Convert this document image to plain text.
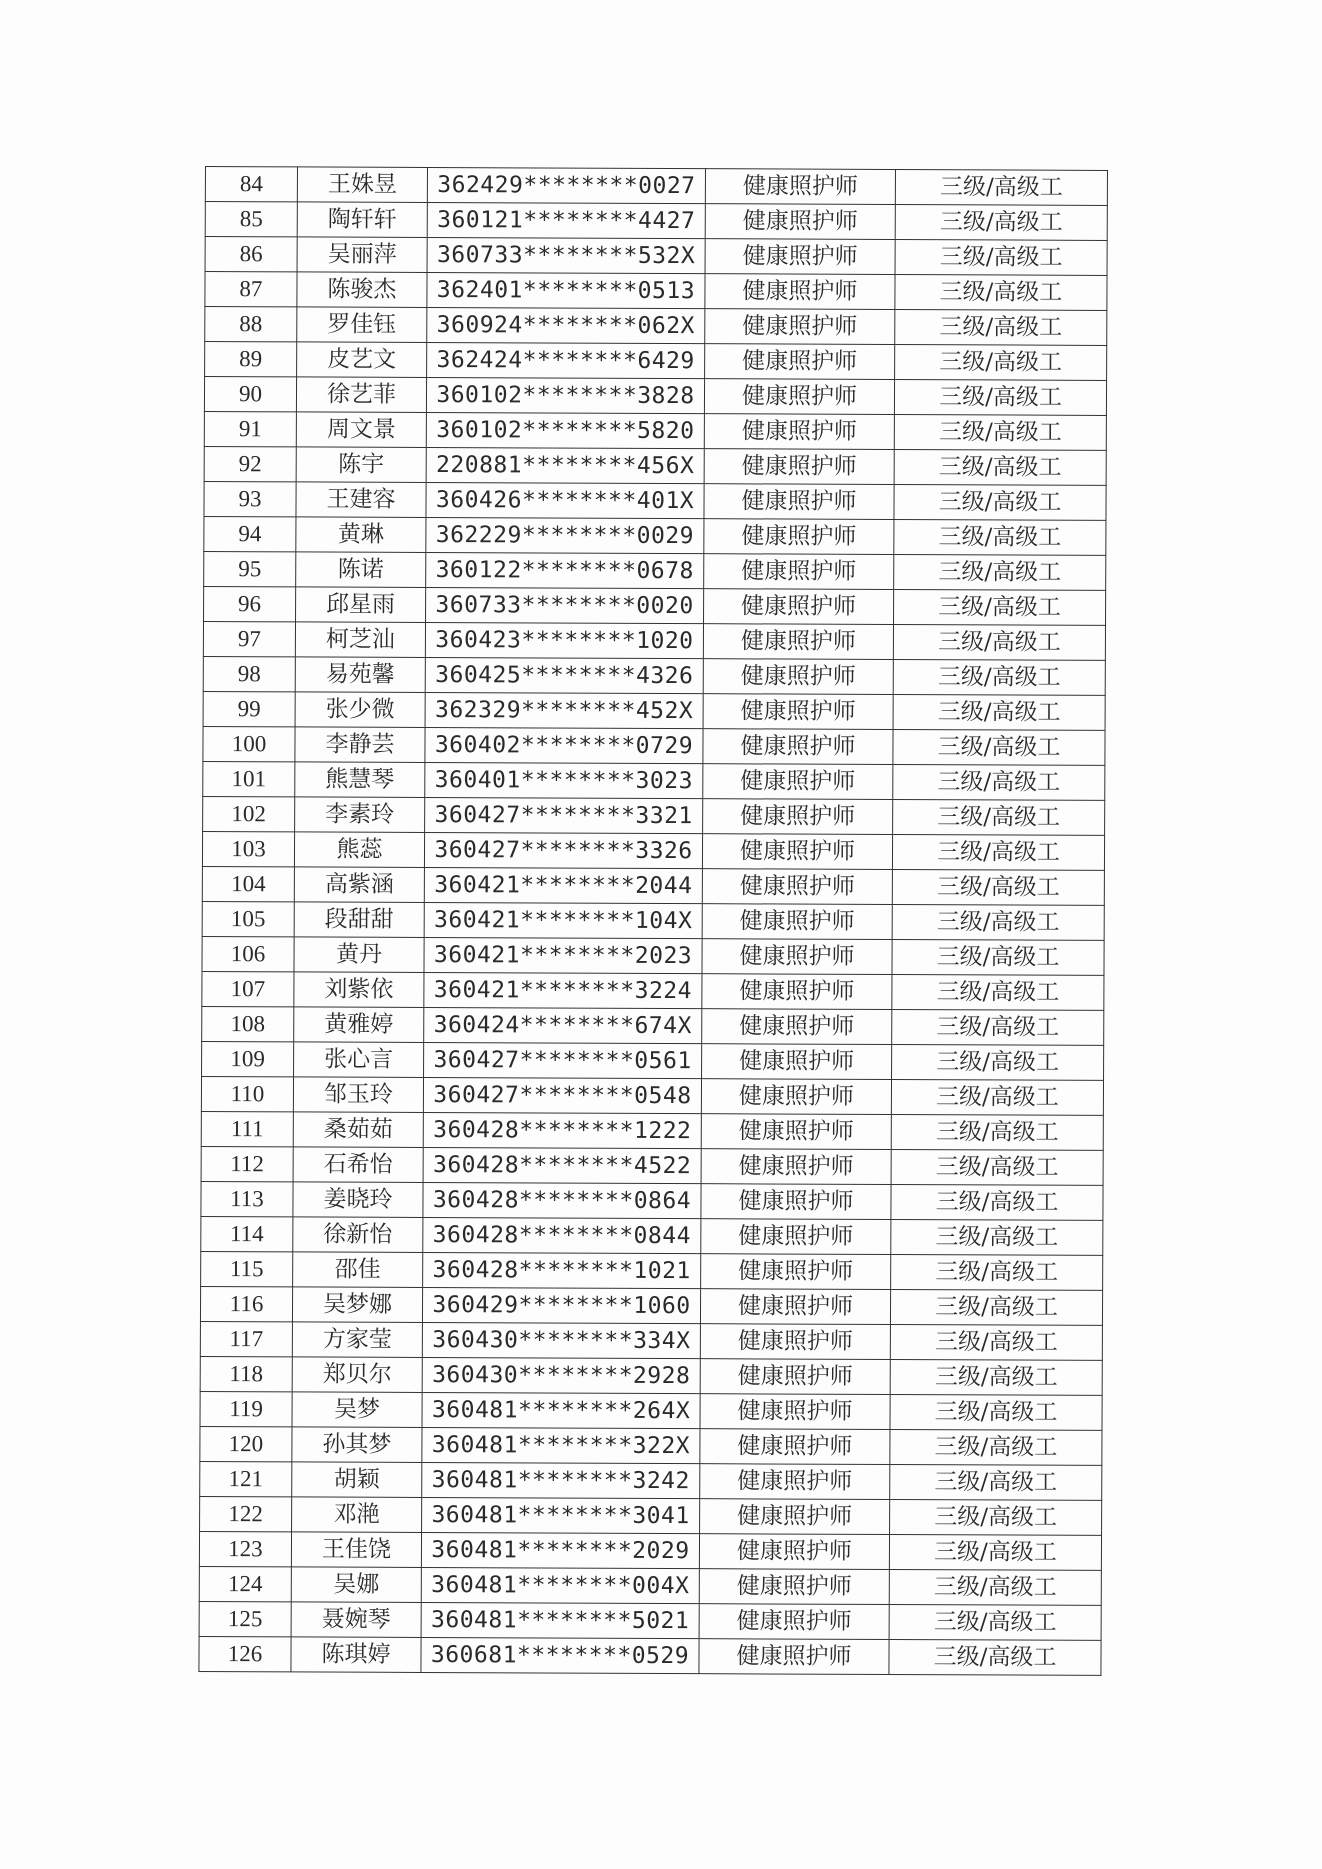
84	王姝昱	362429********0027	健康照护师	三级/高级工
85	陶轩轩	360121********4427	健康照护师	三级/高级工
86	吴丽萍	360733********532X	健康照护师	三级/高级工
87	陈骏杰	362401********0513	健康照护师	三级/高级工
88	罗佳钰	360924********062X	健康照护师	三级/高级工
89	皮艺文	362424********6429	健康照护师	三级/高级工
90	徐艺菲	360102********3828	健康照护师	三级/高级工
91	周文景	360102********5820	健康照护师	三级/高级工
92	陈宇	220881********456X	健康照护师	三级/高级工
93	王建容	360426********401X	健康照护师	三级/高级工
94	黄琳	362229********0029	健康照护师	三级/高级工
95	陈诺	360122********0678	健康照护师	三级/高级工
96	邱星雨	360733********0020	健康照护师	三级/高级工
97	柯芝汕	360423********1020	健康照护师	三级/高级工
98	易苑馨	360425********4326	健康照护师	三级/高级工
99	张少微	362329********452X	健康照护师	三级/高级工
100	李静芸	360402********0729	健康照护师	三级/高级工
101	熊慧琴	360401********3023	健康照护师	三级/高级工
102	李素玲	360427********3321	健康照护师	三级/高级工
103	熊蕊	360427********3326	健康照护师	三级/高级工
104	高紫涵	360421********2044	健康照护师	三级/高级工
105	段甜甜	360421********104X	健康照护师	三级/高级工
106	黄丹	360421********2023	健康照护师	三级/高级工
107	刘紫依	360421********3224	健康照护师	三级/高级工
108	黄雅婷	360424********674X	健康照护师	三级/高级工
109	张心言	360427********0561	健康照护师	三级/高级工
110	邹玉玲	360427********0548	健康照护师	三级/高级工
111	桑茹茹	360428********1222	健康照护师	三级/高级工
112	石希怡	360428********4522	健康照护师	三级/高级工
113	姜晓玲	360428********0864	健康照护师	三级/高级工
114	徐新怡	360428********0844	健康照护师	三级/高级工
115	邵佳	360428********1021	健康照护师	三级/高级工
116	吴梦娜	360429********1060	健康照护师	三级/高级工
117	方家莹	360430********334X	健康照护师	三级/高级工
118	郑贝尔	360430********2928	健康照护师	三级/高级工
119	吴梦	360481********264X	健康照护师	三级/高级工
120	孙其梦	360481********322X	健康照护师	三级/高级工
121	胡颖	360481********3242	健康照护师	三级/高级工
122	邓滟	360481********3041	健康照护师	三级/高级工
123	王佳饶	360481********2029	健康照护师	三级/高级工
124	吴娜	360481********004X	健康照护师	三级/高级工
125	聂婉琴	360481********5021	健康照护师	三级/高级工
126	陈琪婷	360681********0529	健康照护师	三级/高级工
